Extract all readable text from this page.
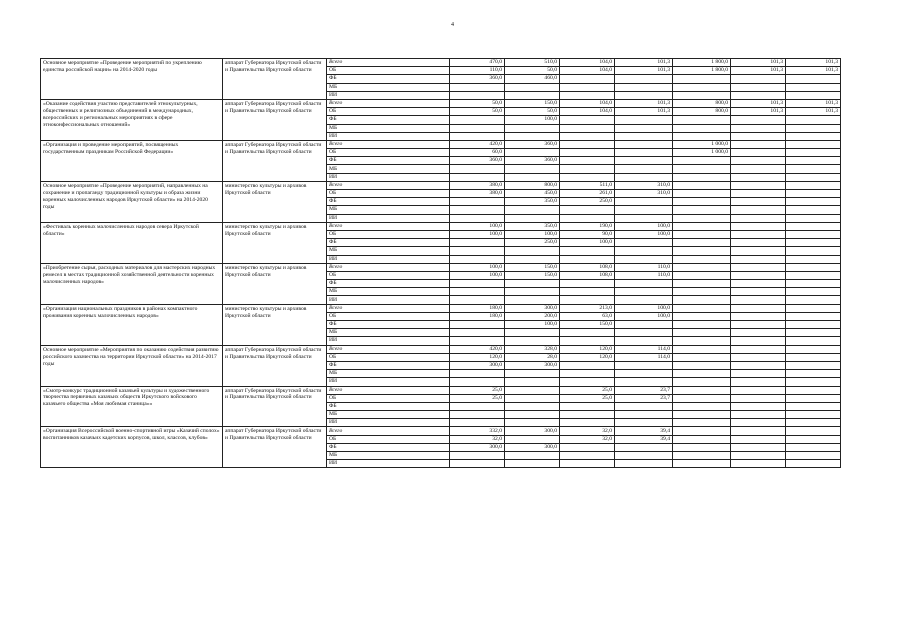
4
Основное мероприятие «Проведение мероприятий по укреплению единства российской нации» на 2014-2020 годы	аппарат Губернатора Иркутской области и Правительства Иркутской области	Всего	470,0	510,0	104,0	101,3	1 800,0	101,3	101,3
		ОБ	110,0	50,0	104,0	101,3	1 800,0	101,3	101,3
		ФБ	360,0	460,0					
		МБ							
		ИИ							
«Оказание содействия участию представителей этнокультурных, общественных и религиозных объединений в международных, всероссийских и региональных мероприятиях в сфере этноконфессиональных отношений»	аппарат Губернатора Иркутской области и Правительства Иркутской области	Всего	50,0	150,0	104,0	101,3	800,0	101,3	101,3
		ОБ	50,0	50,0	104,0	101,3	800,0	101,3	101,3
		ФБ		100,0					
		МБ							
		ИИ							
«Организация и проведение мероприятий, посвященных государственным праздникам Российской Федерации»	аппарат Губернатора Иркутской области и Правительства Иркутской области	Всего	420,0	360,0			1 000,0		
		ОБ	60,0				1 000,0		
		ФБ	360,0	360,0					
		МБ							
		ИИ							
Основное мероприятие «Проведение мероприятий, направленных на сохранение и пропаганду традиционной культуры и образа жизни коренных малочисленных народов Иркутской области» на 2014-2020 годы	министерство культуры и архивов Иркутской области	Всего	380,0	800,0	511,0	310,0			
		ОБ	380,0	450,0	261,0	310,0			
		ФБ		350,0	250,0				
		МБ							
		ИИ							
«Фестиваль коренных малочисленных народов севера Иркутской области»	министерство культуры и архивов Иркутской области	Всего	100,0	350,0	190,0	100,0			
		ОБ	100,0	100,0	90,0	100,0			
		ФБ		250,0	100,0				
		МБ							
		ИИ							
«Приобретение сырья, расходных материалов для мастерских народных ремесел в местах традиционной хозяйственной деятельности коренных малочисленных народов»	министерство культуры и архивов Иркутской области	Всего	100,0	150,0	108,0	110,0			
		ОБ	100,0	150,0	108,0	110,0			
		ФБ							
		МБ							
		ИИ							
«Организация национальных праздников в районах компактного проживания коренных малочисленных народов»	министерство культуры и архивов Иркутской области	Всего	180,0	300,0	213,0	100,0			
		ОБ	180,0	200,0	63,0	100,0			
		ФБ		100,0	150,0				
		МБ							
		ИИ							
Основное мероприятие «Мероприятия по оказанию содействия развитию российского казачества на территории Иркутской области» на 2014-2017 годы	аппарат Губернатора Иркутской области и Правительства Иркутской области	Всего	420,0	328,0	120,0	114,0			
		ОБ	120,0	28,0	120,0	114,0			
		ФБ	300,0	300,0					
		МБ							
		ИИ							
«Смотр-конкурс традиционной казачьей культуры и художественного творчества первичных казачьих обществ Иркутского войскового казачьего общества «Моя любимая станица»»	аппарат Губернатора Иркутской области и Правительства Иркутской области	Всего	25,0		25,0	23,7			
		ОБ	25,0		25,0	23,7			
		ФБ							
		МБ							
		ИИ							
«Организация Всероссийской военно-спортивной игры «Казачий сполох» воспитанников казачьих кадетских корпусов, школ, классов, клубов»	аппарат Губернатора Иркутской области и Правительства Иркутской области	Всего	332,0	300,0	32,0	39,4			
		ОБ	32,0		32,0	39,4			
		ФБ	300,0	300,0					
		МБ							
		ИИ							
